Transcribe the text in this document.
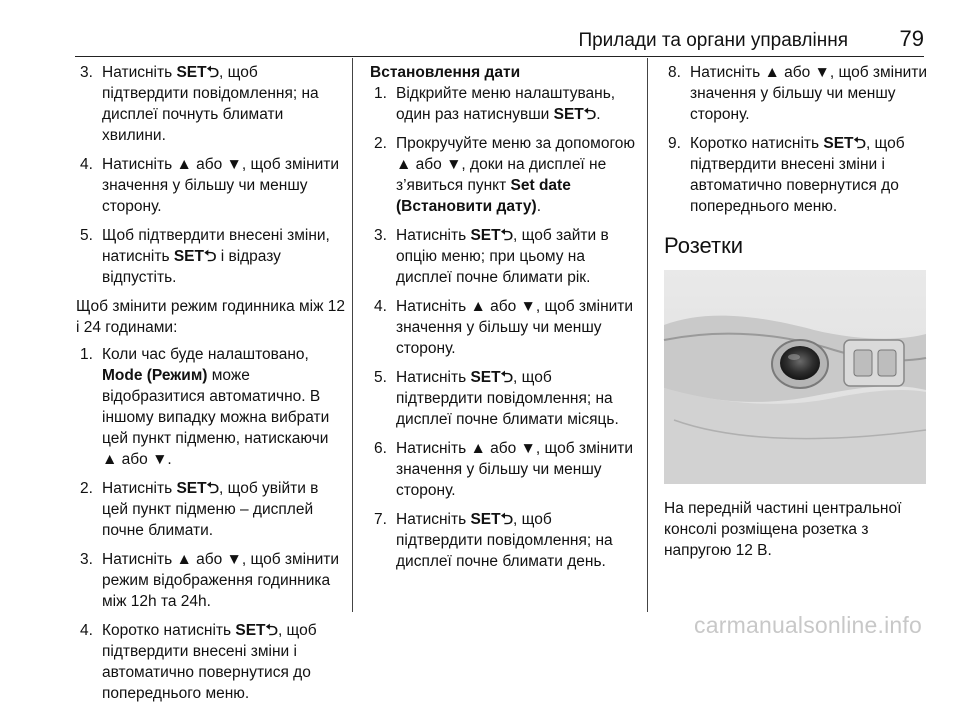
Прилади та органи управління 79
3. Натисніть SET⮌, щоб підтвердити повідомлення; на дисплеї почнуть блимати хвилини.
4. Натисніть ▲ або ▼, щоб змінити значення у більшу чи меншу сторону.
5. Щоб підтвердити внесені зміни, натисніть SET⮌ і відразу відпустіть.

Щоб змінити режим годинника між 12 і 24 годинами:

1. Коли час буде налаштовано, Mode (Режим) може відобразитися автоматично. В іншому випадку можна вибрати цей пункт підменю, натискаючи ▲ або ▼.
2. Натисніть SET⮌, щоб увійти в цей пункт підменю – дисплей почне блимати.
3. Натисніть ▲ або ▼, щоб змінити режим відображення годинника між 12h та 24h.
4. Коротко натисніть SET⮌, щоб підтвердити внесені зміни і автоматично повернутися до попереднього меню.
Встановлення дати
1. Відкрийте меню налаштувань, один раз натиснувши SET⮌.
2. Прокручуйте меню за допомогою ▲ або ▼, доки на дисплеї не з’явиться пункт Set date (Встановити дату).
3. Натисніть SET⮌, щоб зайти в опцію меню; при цьому на дисплеї почне блимати рік.
4. Натисніть ▲ або ▼, щоб змінити значення у більшу чи меншу сторону.
5. Натисніть SET⮌, щоб підтвердити повідомлення; на дисплеї почне блимати місяць.
6. Натисніть ▲ або ▼, щоб змінити значення у більшу чи меншу сторону.
7. Натисніть SET⮌, щоб підтвердити повідомлення; на дисплеї почне блимати день.
8. Натисніть ▲ або ▼, щоб змінити значення у більшу чи меншу сторону.
9. Коротко натисніть SET⮌, щоб підтвердити внесені зміни і автоматично повернутися до попереднього меню.
Розетки

На передній частині центральної консолі розміщена розетка з напругою 12 В.

carmanualsonline.info
